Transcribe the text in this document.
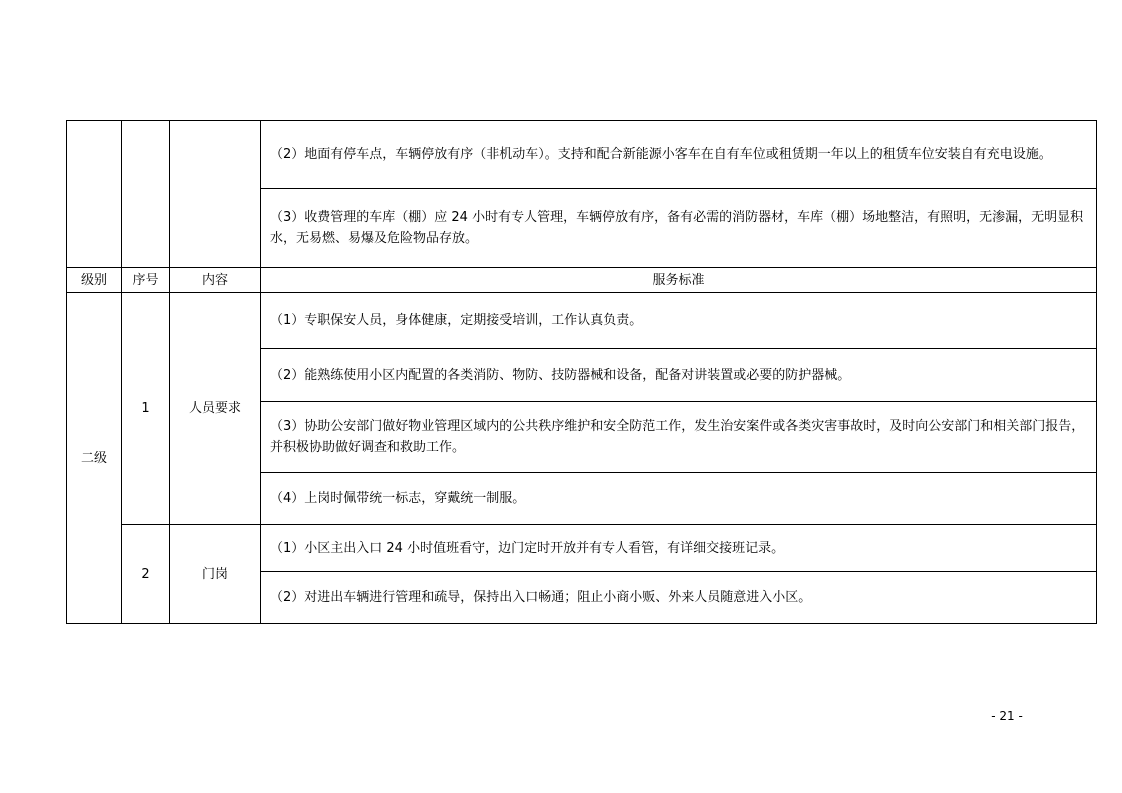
			（2）地面有停车点，车辆停放有序（非机动车）。支持和配合新能源小客车在自有车位或租赁期一年以上的租赁车位安装自有充电设施。
			（3）收费管理的车库（棚）应 24 小时有专人管理，车辆停放有序，备有必需的消防器材，车库（棚）场地整洁，有照明，无渗漏，无明显积水，无易燃、易爆及危险物品存放。
级别	序号	内容	服务标准
二级	1	人员要求	（1）专职保安人员，身体健康，定期接受培训，工作认真负责。
			（2）能熟练使用小区内配置的各类消防、物防、技防器械和设备，配备对讲装置或必要的防护器械。
			（3）协助公安部门做好物业管理区域内的公共秩序维护和安全防范工作，发生治安案件或各类灾害事故时，及时向公安部门和相关部门报告，并积极协助做好调查和救助工作。
			（4）上岗时佩带统一标志，穿戴统一制服。
	2	门岗	（1）小区主出入口 24 小时值班看守，边门定时开放并有专人看管，有详细交接班记录。
			（2）对进出车辆进行管理和疏导，保持出入口畅通；阻止小商小贩、外来人员随意进入小区。
- 21 -
